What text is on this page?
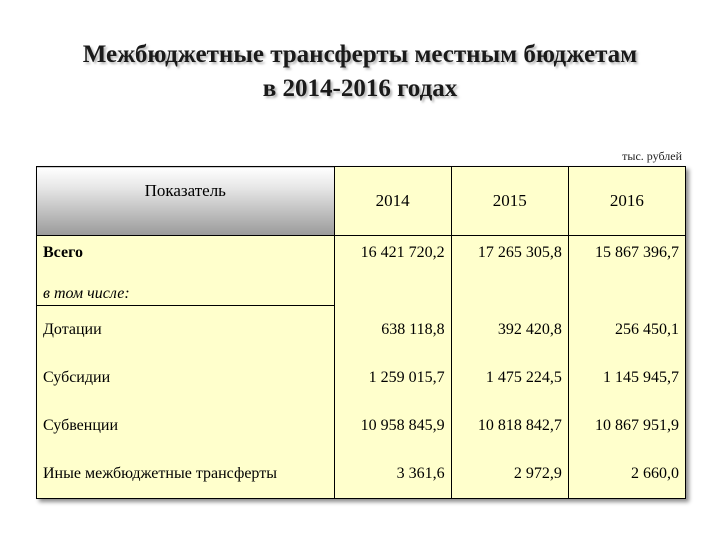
Межбюджетные трансферты местным бюджетам
в 2014-2016 годах
тыс. рублей
Показатель	2014	2015	2016
Всего	16 421 720,2	17 265 305,8	15 867 396,7
в том числе:			
Дотации	638 118,8	392 420,8	256 450,1
Субсидии	1 259 015,7	1 475 224,5	1 145 945,7
Субвенции	10 958 845,9	10 818 842,7	10 867 951,9
Иные межбюджетные трансферты	3 361,6	2 972,9	2 660,0
